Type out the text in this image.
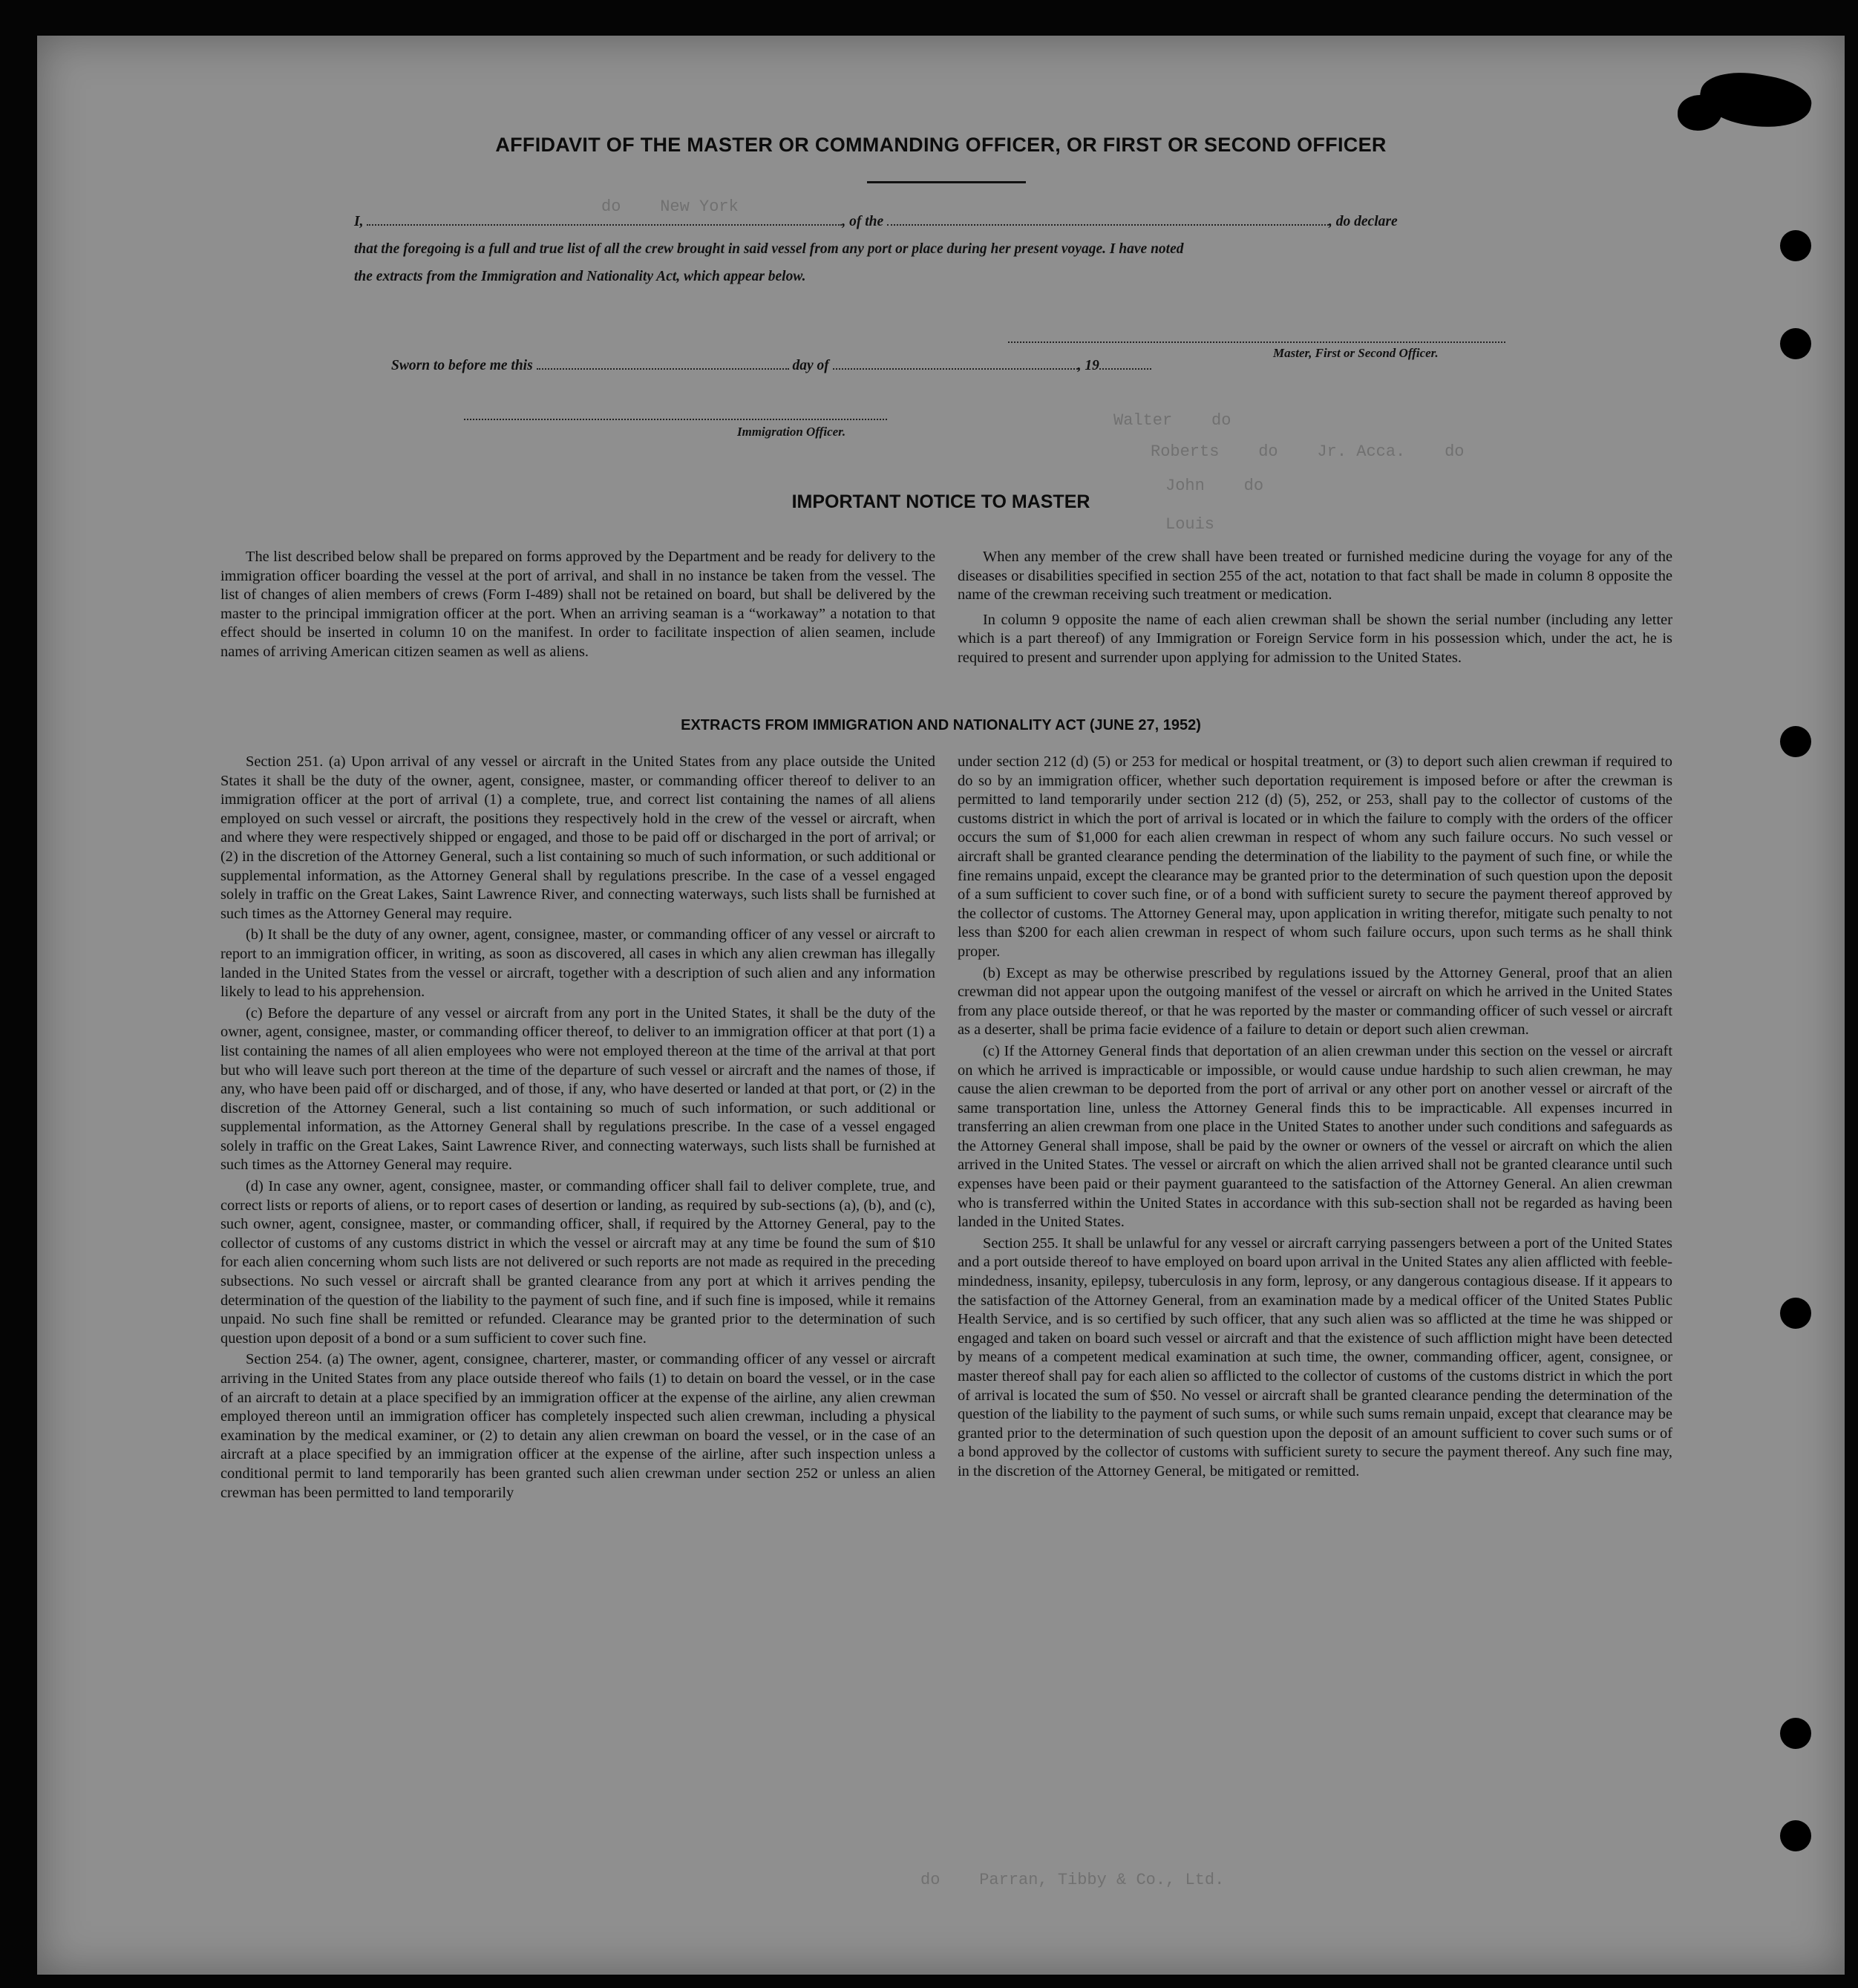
do    New York
Walter    do
Roberts    do    Jr. Acca.    do
John    do
Louis
do    Parran, Tibby & Co., Ltd.
AFFIDAVIT OF THE MASTER OR COMMANDING OFFICER, OR FIRST OR SECOND OFFICER

I,	, of the	, do declare

that the foregoing is a full and true list of all the crew brought in said vessel from any port or place during her present voyage. I have noted

the extracts from the Immigration and Nationality Act, which appear below.

Master, First or Second Officer.

Sworn to before me this	day of	, 19

Immigration Officer.
IMPORTANT NOTICE TO MASTER

The list described below shall be prepared on forms approved by the Department and be ready for delivery to the immigration officer boarding the vessel at the port of arrival, and shall in no instance be taken from the vessel. The list of changes of alien members of crews (Form I-489) shall not be retained on board, but shall be delivered by the master to the principal immigration officer at the port. When an arriving seaman is a “workaway” a notation to that effect should be inserted in column 10 on the manifest. In order to facilitate inspection of alien seamen, include names of arriving American citizen seamen as well as aliens.

When any member of the crew shall have been treated or furnished medicine during the voyage for any of the diseases or disabilities specified in section 255 of the act, notation to that fact shall be made in column 8 opposite the name of the crewman receiving such treatment or medication.

In column 9 opposite the name of each alien crewman shall be shown the serial number (including any letter which is a part thereof) of any Immigration or Foreign Service form in his possession which, under the act, he is required to present and surrender upon applying for admission to the United States.

EXTRACTS FROM IMMIGRATION AND NATIONALITY ACT (JUNE 27, 1952)

Section 251. (a) Upon arrival of any vessel or aircraft in the United States from any place outside the United States it shall be the duty of the owner, agent, consignee, master, or commanding officer thereof to deliver to an immigration officer at the port of arrival (1) a complete, true, and correct list containing the names of all aliens employed on such vessel or aircraft, the positions they respectively hold in the crew of the vessel or aircraft, when and where they were respectively shipped or engaged, and those to be paid off or discharged in the port of arrival; or (2) in the discretion of the Attorney General, such a list containing so much of such information, or such additional or supplemental information, as the Attorney General shall by regulations prescribe. In the case of a vessel engaged solely in traffic on the Great Lakes, Saint Lawrence River, and connecting waterways, such lists shall be furnished at such times as the Attorney General may require.

(b) It shall be the duty of any owner, agent, consignee, master, or commanding officer of any vessel or aircraft to report to an immigration officer, in writing, as soon as discovered, all cases in which any alien crewman has illegally landed in the United States from the vessel or aircraft, together with a description of such alien and any information likely to lead to his apprehension.

(c) Before the departure of any vessel or aircraft from any port in the United States, it shall be the duty of the owner, agent, consignee, master, or commanding officer thereof, to deliver to an immigration officer at that port (1) a list containing the names of all alien employees who were not employed thereon at the time of the arrival at that port but who will leave such port thereon at the time of the departure of such vessel or aircraft and the names of those, if any, who have been paid off or discharged, and of those, if any, who have deserted or landed at that port, or (2) in the discretion of the Attorney General, such a list containing so much of such information, or such additional or supplemental information, as the Attorney General shall by regulations prescribe. In the case of a vessel engaged solely in traffic on the Great Lakes, Saint Lawrence River, and connecting waterways, such lists shall be furnished at such times as the Attorney General may require.

(d) In case any owner, agent, consignee, master, or commanding officer shall fail to deliver complete, true, and correct lists or reports of aliens, or to report cases of desertion or landing, as required by sub-sections (a), (b), and (c), such owner, agent, consignee, master, or commanding officer, shall, if required by the Attorney General, pay to the collector of customs of any customs district in which the vessel or aircraft may at any time be found the sum of $10 for each alien concerning whom such lists are not delivered or such reports are not made as required in the preceding subsections. No such vessel or aircraft shall be granted clearance from any port at which it arrives pending the determination of the question of the liability to the payment of such fine, and if such fine is imposed, while it remains unpaid. No such fine shall be remitted or refunded. Clearance may be granted prior to the determination of such question upon deposit of a bond or a sum sufficient to cover such fine.

Section 254. (a) The owner, agent, consignee, charterer, master, or commanding officer of any vessel or aircraft arriving in the United States from any place outside thereof who fails (1) to detain on board the vessel, or in the case of an aircraft to detain at a place specified by an immigration officer at the expense of the airline, any alien crewman employed thereon until an immigration officer has completely inspected such alien crewman, including a physical examination by the medical examiner, or (2) to detain any alien crewman on board the vessel, or in the case of an aircraft at a place specified by an immigration officer at the expense of the airline, after such inspection unless a conditional permit to land temporarily has been granted such alien crewman under section 252 or unless an alien crewman has been permitted to land temporarily

under section 212 (d) (5) or 253 for medical or hospital treatment, or (3) to deport such alien crewman if required to do so by an immigration officer, whether such deportation requirement is imposed before or after the crewman is permitted to land temporarily under section 212 (d) (5), 252, or 253, shall pay to the collector of customs of the customs district in which the port of arrival is located or in which the failure to comply with the orders of the officer occurs the sum of $1,000 for each alien crewman in respect of whom any such failure occurs. No such vessel or aircraft shall be granted clearance pending the determination of the liability to the payment of such fine, or while the fine remains unpaid, except the clearance may be granted prior to the determination of such question upon the deposit of a sum sufficient to cover such fine, or of a bond with sufficient surety to secure the payment thereof approved by the collector of customs. The Attorney General may, upon application in writing therefor, mitigate such penalty to not less than $200 for each alien crewman in respect of whom such failure occurs, upon such terms as he shall think proper.

(b) Except as may be otherwise prescribed by regulations issued by the Attorney General, proof that an alien crewman did not appear upon the outgoing manifest of the vessel or aircraft on which he arrived in the United States from any place outside thereof, or that he was reported by the master or commanding officer of such vessel or aircraft as a deserter, shall be prima facie evidence of a failure to detain or deport such alien crewman.

(c) If the Attorney General finds that deportation of an alien crewman under this section on the vessel or aircraft on which he arrived is impracticable or impossible, or would cause undue hardship to such alien crewman, he may cause the alien crewman to be deported from the port of arrival or any other port on another vessel or aircraft of the same transportation line, unless the Attorney General finds this to be impracticable. All expenses incurred in transferring an alien crewman from one place in the United States to another under such conditions and safeguards as the Attorney General shall impose, shall be paid by the owner or owners of the vessel or aircraft on which the alien arrived in the United States. The vessel or aircraft on which the alien arrived shall not be granted clearance until such expenses have been paid or their payment guaranteed to the satisfaction of the Attorney General. An alien crewman who is transferred within the United States in accordance with this sub-section shall not be regarded as having been landed in the United States.

Section 255. It shall be unlawful for any vessel or aircraft carrying passengers between a port of the United States and a port outside thereof to have employed on board upon arrival in the United States any alien afflicted with feeble-mindedness, insanity, epilepsy, tuberculosis in any form, leprosy, or any dangerous contagious disease. If it appears to the satisfaction of the Attorney General, from an examination made by a medical officer of the United States Public Health Service, and is so certified by such officer, that any such alien was so afflicted at the time he was shipped or engaged and taken on board such vessel or aircraft and that the existence of such affliction might have been detected by means of a competent medical examination at such time, the owner, commanding officer, agent, consignee, or master thereof shall pay for each alien so afflicted to the collector of customs of the customs district in which the port of arrival is located the sum of $50. No vessel or aircraft shall be granted clearance pending the determination of the question of the liability to the payment of such sums, or while such sums remain unpaid, except that clearance may be granted prior to the determination of such question upon the deposit of an amount sufficient to cover such sums or of a bond approved by the collector of customs with sufficient surety to secure the payment thereof. Any such fine may, in the discretion of the Attorney General, be mitigated or remitted.
